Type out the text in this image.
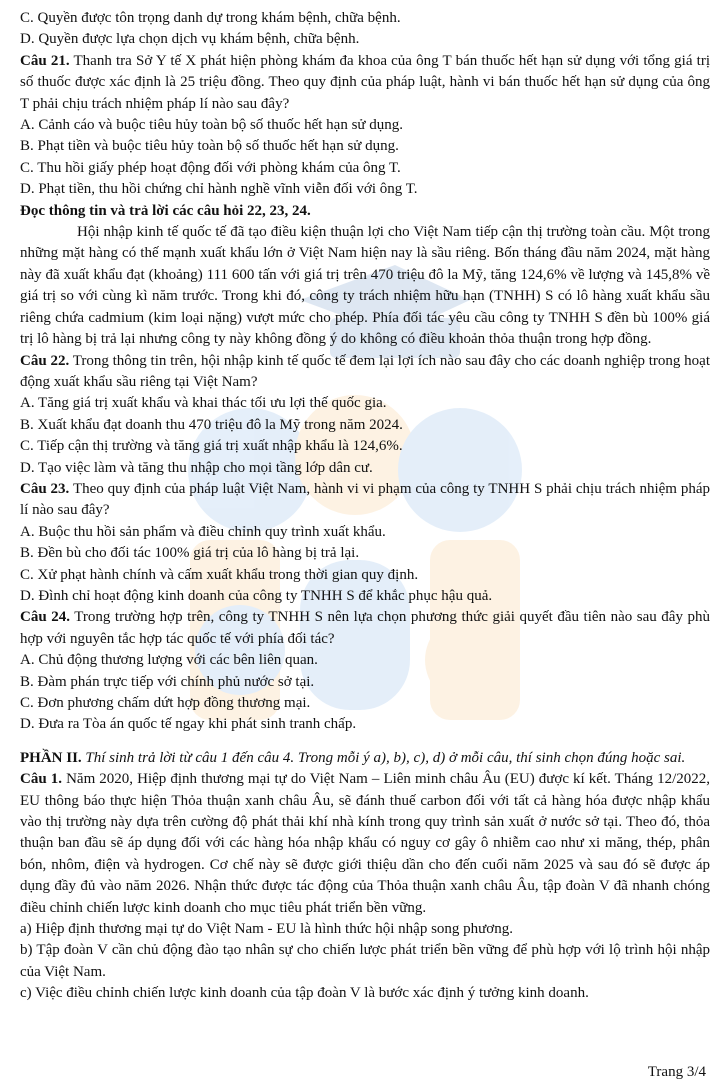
C. Quyền được tôn trọng danh dự trong khám bệnh, chữa bệnh.
D. Quyền được lựa chọn dịch vụ khám bệnh, chữa bệnh.
Câu 21. Thanh tra Sở Y tế X phát hiện phòng khám đa khoa của ông T bán thuốc hết hạn sử dụng với tổng giá trị số thuốc được xác định là 25 triệu đồng. Theo quy định của pháp luật, hành vi bán thuốc hết hạn sử dụng của ông T phải chịu trách nhiệm pháp lí nào sau đây?
A. Cảnh cáo và buộc tiêu hủy toàn bộ số thuốc hết hạn sử dụng.
B. Phạt tiền và buộc tiêu hủy toàn bộ số thuốc hết hạn sử dụng.
C. Thu hồi giấy phép hoạt động đối với phòng khám của ông T.
D. Phạt tiền, thu hồi chứng chỉ hành nghề vĩnh viễn đối với ông T.
Đọc thông tin và trả lời các câu hỏi 22, 23, 24.
Hội nhập kinh tế quốc tế đã tạo điều kiện thuận lợi cho Việt Nam tiếp cận thị trường toàn cầu. Một trong những mặt hàng có thế mạnh xuất khẩu lớn ở Việt Nam hiện nay là sầu riêng. Bốn tháng đầu năm 2024, mặt hàng này đã xuất khẩu đạt (khoảng) 111 600 tấn với giá trị trên 470 triệu đô la Mỹ, tăng 124,6% về lượng và 145,8% về giá trị so với cùng kì năm trước. Trong khi đó, công ty trách nhiệm hữu hạn (TNHH) S có lô hàng xuất khẩu sầu riêng chứa cadmium (kim loại nặng) vượt mức cho phép. Phía đối tác yêu cầu công ty TNHH S đền bù 100% giá trị lô hàng bị trả lại nhưng công ty này không đồng ý do không có điều khoản thỏa thuận trong hợp đồng.
Câu 22. Trong thông tin trên, hội nhập kinh tế quốc tế đem lại lợi ích nào sau đây cho các doanh nghiệp trong hoạt động xuất khẩu sầu riêng tại Việt Nam?
A. Tăng giá trị xuất khẩu và khai thác tối ưu lợi thế quốc gia.
B. Xuất khẩu đạt doanh thu 470 triệu đô la Mỹ trong năm 2024.
C. Tiếp cận thị trường và tăng giá trị xuất nhập khẩu là 124,6%.
D. Tạo việc làm và tăng thu nhập cho mọi tầng lớp dân cư.
Câu 23. Theo quy định của pháp luật Việt Nam, hành vi vi phạm của công ty TNHH S phải chịu trách nhiệm pháp lí nào sau đây?
A. Buộc thu hồi sản phẩm và điều chỉnh quy trình xuất khẩu.
B. Đền bù cho đối tác 100% giá trị của lô hàng bị trả lại.
C. Xử phạt hành chính và cấm xuất khẩu trong thời gian quy định.
D. Đình chỉ hoạt động kinh doanh của công ty TNHH S để khắc phục hậu quả.
Câu 24. Trong trường hợp trên, công ty TNHH S nên lựa chọn phương thức giải quyết đầu tiên nào sau đây phù hợp với nguyên tắc hợp tác quốc tế với phía đối tác?
A. Chủ động thương lượng với các bên liên quan.
B. Đàm phán trực tiếp với chính phủ nước sở tại.
C. Đơn phương chấm dứt hợp đồng thương mại.
D. Đưa ra Tòa án quốc tế ngay khi phát sinh tranh chấp.
PHẦN II. Thí sinh trả lời từ câu 1 đến câu 4. Trong mỗi ý a), b), c), d) ở mỗi câu, thí sinh chọn đúng hoặc sai.
Câu 1. Năm 2020, Hiệp định thương mại tự do Việt Nam – Liên minh châu Âu (EU) được kí kết. Tháng 12/2022, EU thông báo thực hiện Thỏa thuận xanh châu Âu, sẽ đánh thuế carbon đối với tất cả hàng hóa được nhập khẩu vào thị trường này dựa trên cường độ phát thải khí nhà kính trong quy trình sản xuất ở nước sở tại. Theo đó, thỏa thuận ban đầu sẽ áp dụng đối với các hàng hóa nhập khẩu có nguy cơ gây ô nhiễm cao như xi măng, thép, phân bón, nhôm, điện và hydrogen. Cơ chế này sẽ được giới thiệu dần cho đến cuối năm 2025 và sau đó sẽ được áp dụng đầy đủ vào năm 2026. Nhận thức được tác động của Thỏa thuận xanh châu Âu, tập đoàn V đã nhanh chóng điều chỉnh chiến lược kinh doanh cho mục tiêu phát triển bền vững.
a) Hiệp định thương mại tự do Việt Nam - EU là hình thức hội nhập song phương.
b) Tập đoàn V cần chủ động đào tạo nhân sự cho chiến lược phát triển bền vững để phù hợp với lộ trình hội nhập của Việt Nam.
c) Việc điều chỉnh chiến lược kinh doanh của tập đoàn V là bước xác định ý tưởng kinh doanh.
Trang 3/4
